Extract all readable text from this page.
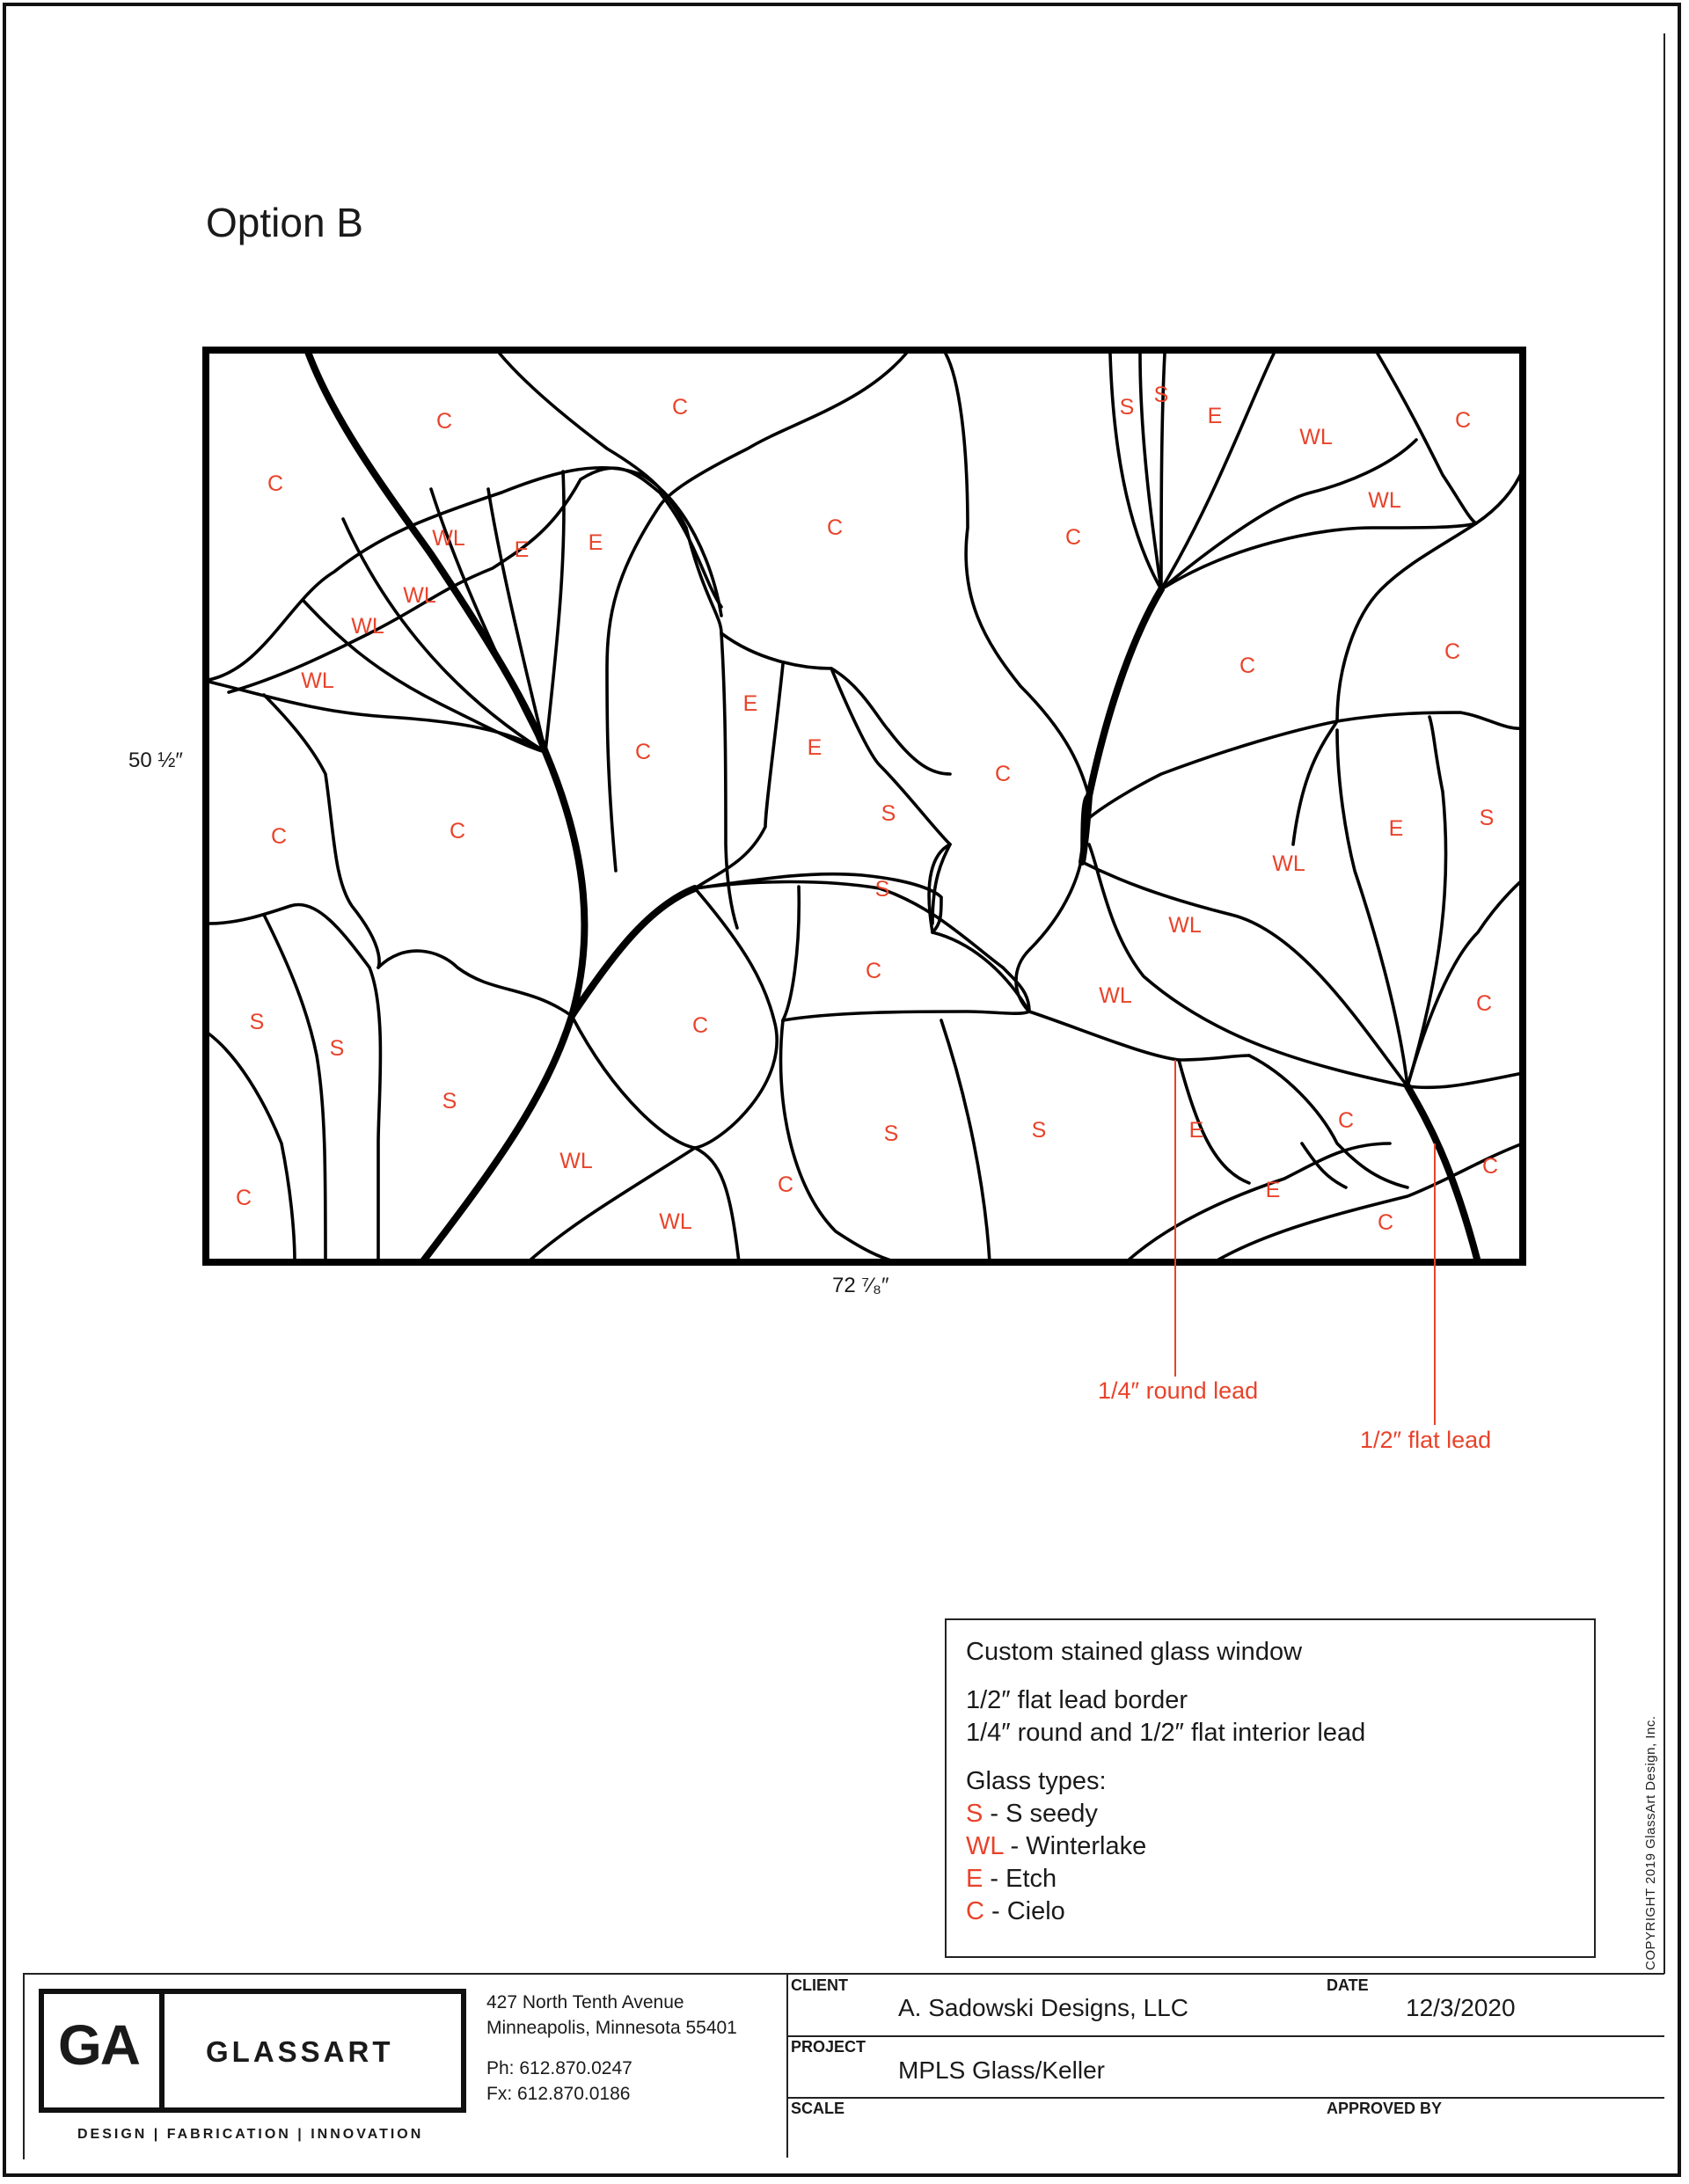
COPYRIGHT 2019 GlassArt Design, Inc.
Option B
C
C
C
WL E	E
WL
WL
WL
C	C
S S
E
WL
C
WL
C
C
E
E
C
C	C
S
C
S
WL
E	S
WL
C
WL	C
S
S
C
S
WL
S	S	E	C
C
C	E
C
WL	C
72 ⁷⁄₈″
50 ½″
1/4″ round lead
1/2″ flat lead
Custom stained glass window
1/2″ flat lead border
1/4″ round and 1/2″ flat interior lead
Glass types:
S - S seedy
WL - Winterlake
E - Etch
C - Cielo
GA GLASSART
DESIGN | FABRICATION | INNOVATION
427 North Tenth Avenue
Minneapolis, Minnesota 55401
Ph: 612.870.0247
Fx: 612.870.0186
CLIENT
A. Sadowski Designs, LLC
DATE
12/3/2020
PROJECT
MPLS Glass/Keller
SCALE	APPROVED BY
